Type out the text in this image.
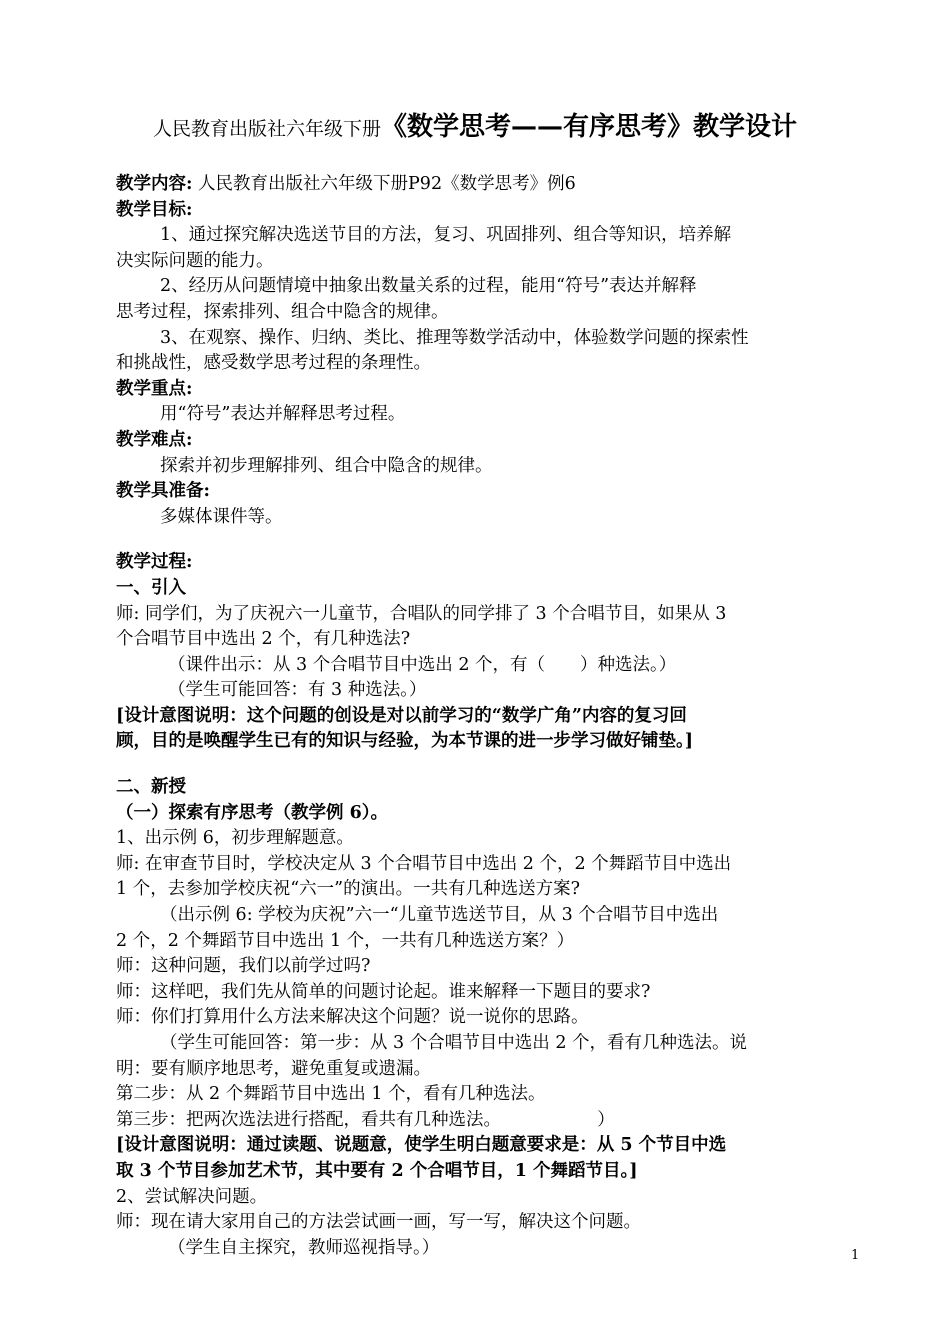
人民教育出版社六年级下册《数学思考——有序思考》教学设计
教学内容: 人民教育出版社六年级下册P92《数学思考》例6
教学目标:
1、通过探究解决选送节目的方法，复习、巩固排列、组合等知识，培养解
决实际问题的能力。
2、经历从问题情境中抽象出数量关系的过程，能用“符号”表达并解释
思考过程，探索排列、组合中隐含的规律。
3、在观察、操作、归纳、类比、推理等数学活动中，体验数学问题的探索性
和挑战性，感受数学思考过程的条理性。
教学重点:
用“符号”表达并解释思考过程。
教学难点:
探索并初步理解排列、组合中隐含的规律。
教学具准备:
多媒体课件等。
教学过程:
一、引入
师: 同学们，为了庆祝六一儿童节，合唱队的同学排了 3 个合唱节目，如果从 3
个合唱节目中选出 2 个，有几种选法?
（课件出示：从 3 个合唱节目中选出 2 个，有（　　）种选法。）
（学生可能回答：有 3 种选法。）
[设计意图说明：这个问题的创设是对以前学习的“数学广角”内容的复习回
顾，目的是唤醒学生已有的知识与经验，为本节课的进一步学习做好铺垫。]
二、新授
（一）探索有序思考（教学例 6）。
1、出示例 6，初步理解题意。
师: 在审查节目时，学校决定从 3 个合唱节目中选出 2 个，2 个舞蹈节目中选出
1 个，去参加学校庆祝“六一”的演出。一共有几种选送方案?
（出示例 6: 学校为庆祝”六一“儿童节选送节目，从 3 个合唱节目中选出
2 个，2 个舞蹈节目中选出 1 个，一共有几种选送方案？）
师：这种问题，我们以前学过吗?
师：这样吧，我们先从简单的问题讨论起。谁来解释一下题目的要求?
师：你们打算用什么方法来解决这个问题？说一说你的思路。
（学生可能回答：第一步：从 3 个合唱节目中选出 2 个，看有几种选法。说
明：要有顺序地思考，避免重复或遗漏。
第二步：从 2 个舞蹈节目中选出 1 个，看有几种选法。
第三步：把两次选法进行搭配，看共有几种选法。　　　　　　）
[设计意图说明：通过读题、说题意，使学生明白题意要求是：从 5 个节目中选
取 3 个节目参加艺术节，其中要有 2 个合唱节目，1 个舞蹈节目。]
2、尝试解决问题。
师：现在请大家用自己的方法尝试画一画，写一写，解决这个问题。
（学生自主探究，教师巡视指导。）	1
